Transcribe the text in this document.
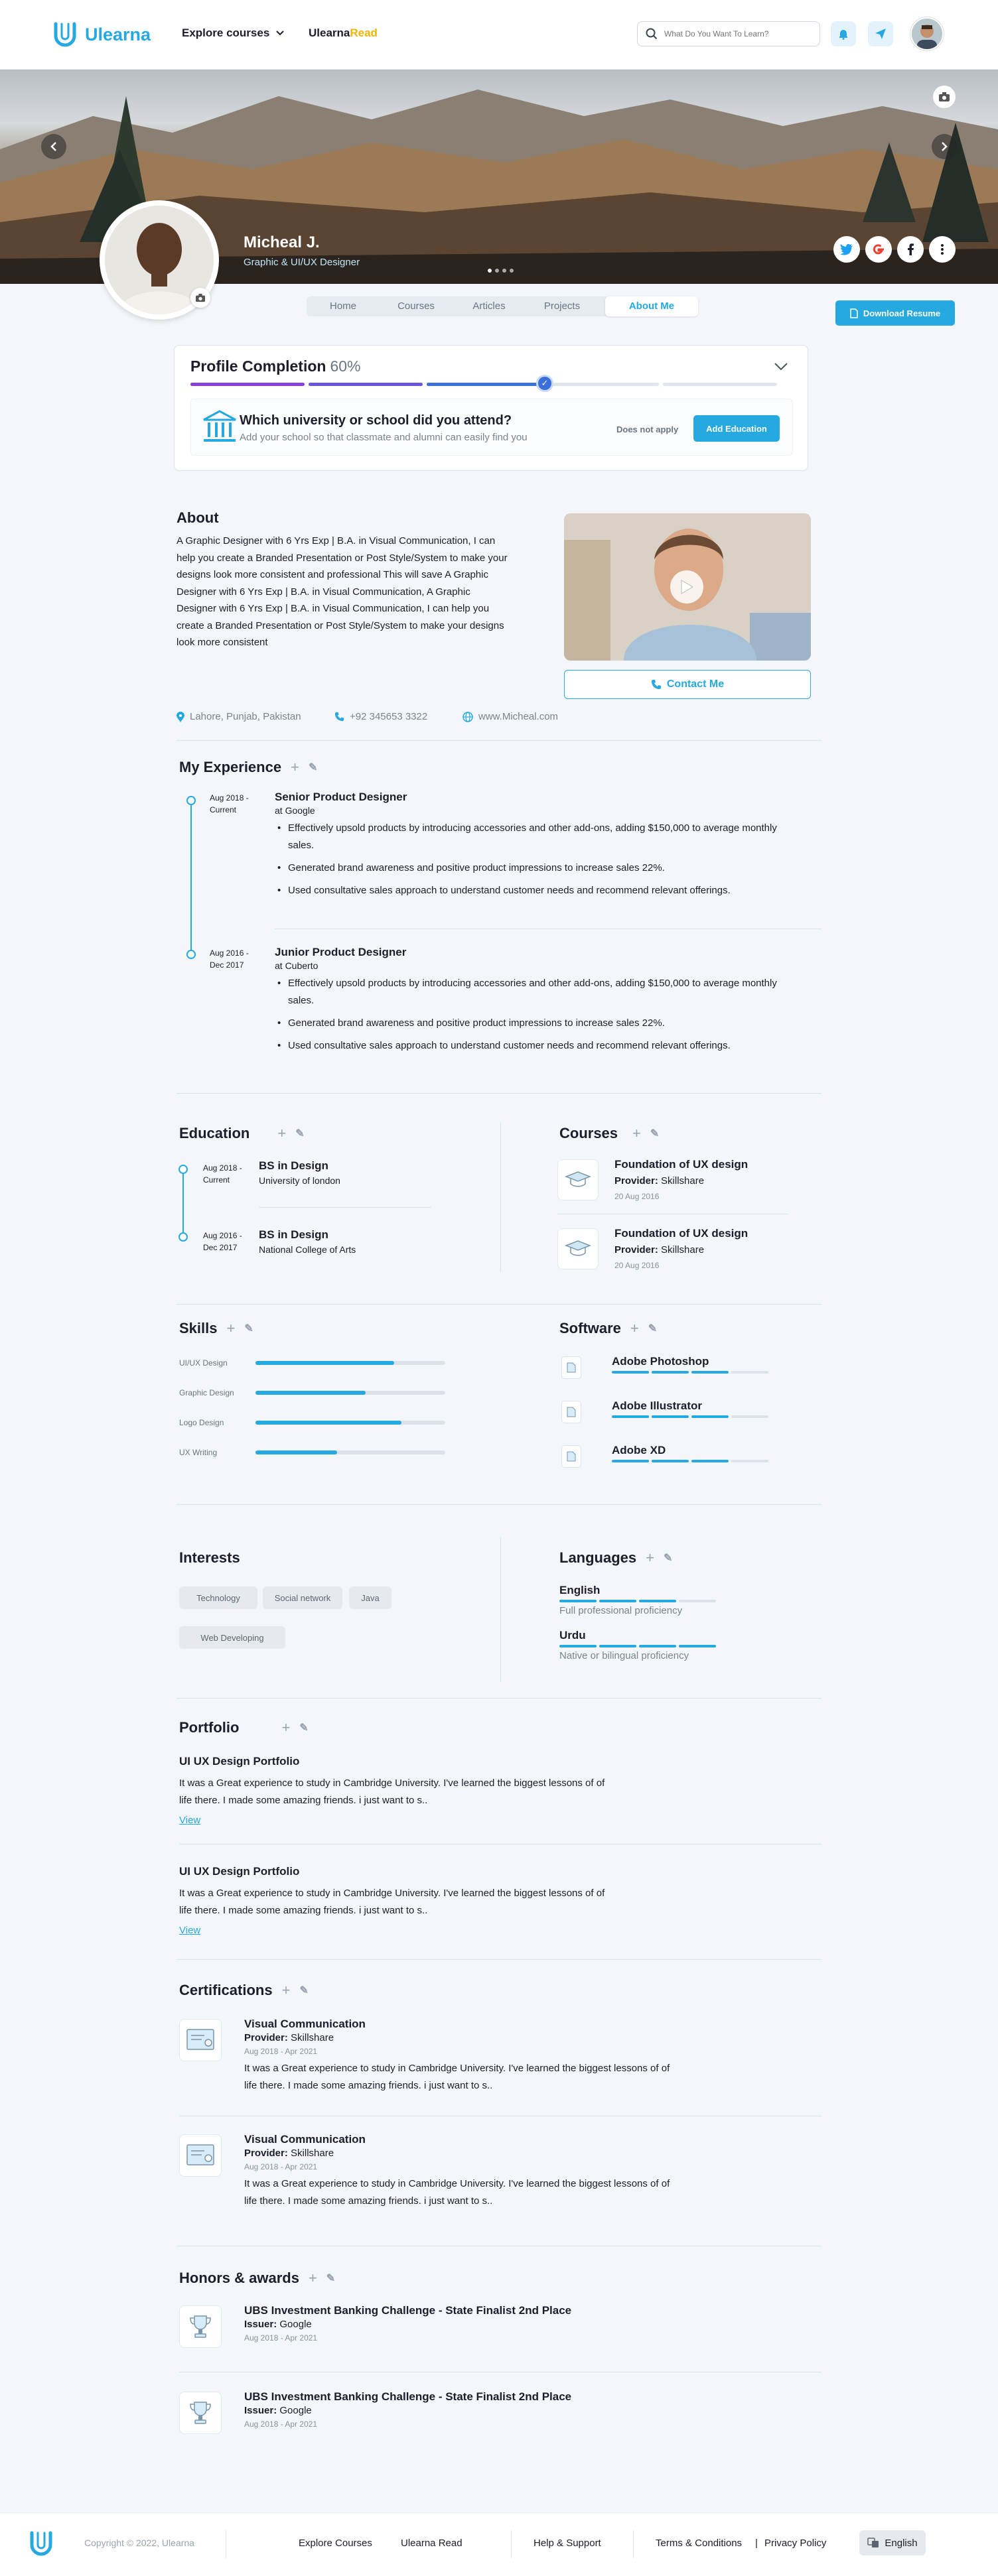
Ulearna	Explore courses	UlearnaRead
What Do You Want To Learn?
Micheal J.
Graphic & UI/UX Designer
Home	Courses	Articles	Projects	About Me
Download Resume
Profile Completion 60%
✓
Which university or school did you attend?
Add your school so that classmate and alumni can easily find you
Does not apply	Add Education
About
A Graphic Designer with 6 Yrs Exp | B.A. in Visual Communication, I can help you create a Branded Presentation or Post Style/System to make your designs look more consistent and professional This will save A Graphic Designer with 6 Yrs Exp | B.A. in Visual Communication, A Graphic Designer with 6 Yrs Exp | B.A. in Visual Communication, I can help you create a Branded Presentation or Post Style/System to make your designs look more consistent
Contact Me
Lahore, Punjab, Pakistan	+92 345653 3322	www.Micheal.com
My Experience + ✎
Aug 2018 -
Current
Senior Product Designer
at Google
• Effectively upsold products by introducing accessories and other add-ons, adding $150,000 to average monthly sales.
• Generated brand awareness and positive product impressions to increase sales 22%.
• Used consultative sales approach to understand customer needs and recommend relevant offerings.
Aug 2016 -
Dec 2017
Junior Product Designer
at Cuberto
• Effectively upsold products by introducing accessories and other add-ons, adding $150,000 to average monthly sales.
• Generated brand awareness and positive product impressions to increase sales 22%.
• Used consultative sales approach to understand customer needs and recommend relevant offerings.
Education + ✎
Aug 2018 -
Current
BS in Design
University of london
Aug 2016 -
Dec 2017
BS in Design
National College of Arts
Courses + ✎
Foundation of UX design
Provider: Skillshare
20 Aug 2016
Foundation of UX design
Provider: Skillshare
20 Aug 2016
Skills + ✎
UI/UX Design
Graphic Design
Logo Design
UX Writing
Software + ✎
Adobe Photoshop
Adobe Illustrator
Adobe XD
Interests
Technology	Social network	Java
Web Developing
Languages + ✎
English
Full professional proficiency
Urdu
Native or bilingual proficiency
Portfolio	+ ✎
UI UX Design Portfolio
It was a Great experience to study in Cambridge University. I've learned the biggest lessons of of life there. I made some amazing friends. i just want to s..
View
UI UX Design Portfolio
It was a Great experience to study in Cambridge University. I've learned the biggest lessons of of life there. I made some amazing friends. i just want to s..
View
Certifications + ✎
Visual Communication
Provider: Skillshare
Aug 2018 - Apr 2021
It was a Great experience to study in Cambridge University. I've learned the biggest lessons of of life there. I made some amazing friends. i just want to s..
Visual Communication
Provider: Skillshare
Aug 2018 - Apr 2021
It was a Great experience to study in Cambridge University. I've learned the biggest lessons of of life there. I made some amazing friends. i just want to s..
Honors & awards + ✎
UBS Investment Banking Challenge - State Finalist 2nd Place
Issuer: Google
Aug 2018 - Apr 2021
UBS Investment Banking Challenge - State Finalist 2nd Place
Issuer: Google
Aug 2018 - Apr 2021
Copyright © 2022, Ulearna	Explore Courses	Ulearna Read	Help & Support	Terms & Conditions | Privacy Policy	English
